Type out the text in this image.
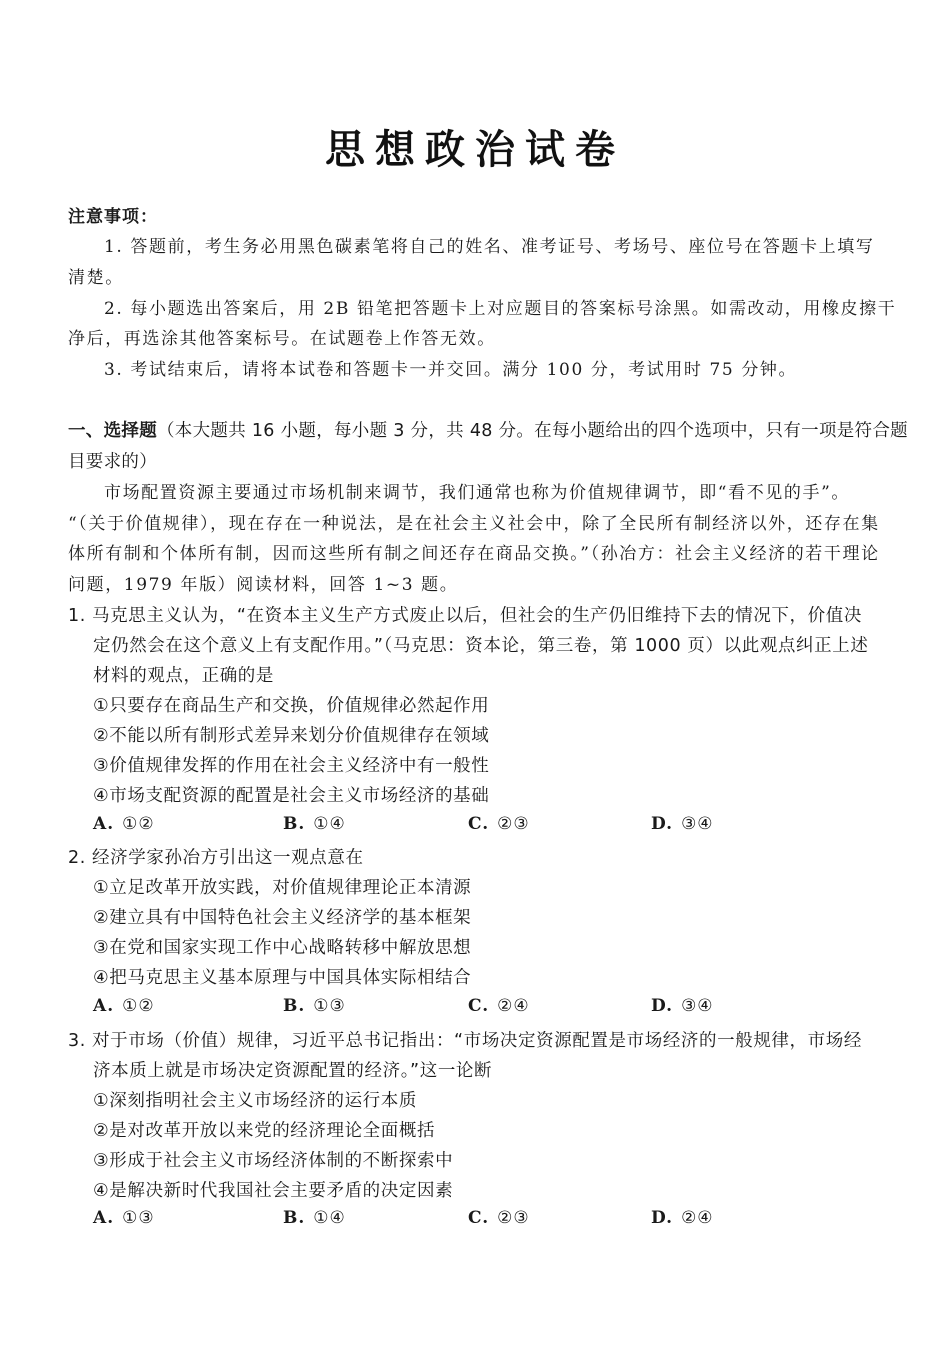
思想政治试卷
注意事项：
1. 答题前，考生务必用黑色碳素笔将自己的姓名、准考证号、考场号、座位号在答题卡上填写
清楚。
2. 每小题选出答案后，用 2B 铅笔把答题卡上对应题目的答案标号涂黑。如需改动，用橡皮擦干
净后，再选涂其他答案标号。在试题卷上作答无效。
3. 考试结束后，请将本试卷和答题卡一并交回。满分 100 分，考试用时 75 分钟。
一、选择题（本大题共 16 小题，每小题 3 分，共 48 分。在每小题给出的四个选项中，只有一项是符合题
目要求的）
市场配置资源主要通过市场机制来调节，我们通常也称为价值规律调节，即“看不见的手”。
“（关于价值规律），现在存在一种说法，是在社会主义社会中，除了全民所有制经济以外，还存在集
体所有制和个体所有制，因而这些所有制之间还存在商品交换。”（孙冶方：社会主义经济的若干理论
问题，1979 年版）阅读材料，回答 1~3 题。
1. 马克思主义认为，“在资本主义生产方式废止以后，但社会的生产仍旧维持下去的情况下，价值决
定仍然会在这个意义上有支配作用。”（马克思：资本论，第三卷，第 1000 页）以此观点纠正上述
材料的观点，正确的是
①只要存在商品生产和交换，价值规律必然起作用
②不能以所有制形式差异来划分价值规律存在领域
③价值规律发挥的作用在社会主义经济中有一般性
④市场支配资源的配置是社会主义市场经济的基础
A. ①②	B. ①④	C. ②③	D. ③④
2. 经济学家孙冶方引出这一观点意在
①立足改革开放实践，对价值规律理论正本清源
②建立具有中国特色社会主义经济学的基本框架
③在党和国家实现工作中心战略转移中解放思想
④把马克思主义基本原理与中国具体实际相结合
A. ①②	B. ①③	C. ②④	D. ③④
3. 对于市场（价值）规律，习近平总书记指出：“市场决定资源配置是市场经济的一般规律，市场经
济本质上就是市场决定资源配置的经济。”这一论断
①深刻指明社会主义市场经济的运行本质
②是对改革开放以来党的经济理论全面概括
③形成于社会主义市场经济体制的不断探索中
④是解决新时代我国社会主要矛盾的决定因素
A. ①③	B. ①④	C. ②③	D. ②④
